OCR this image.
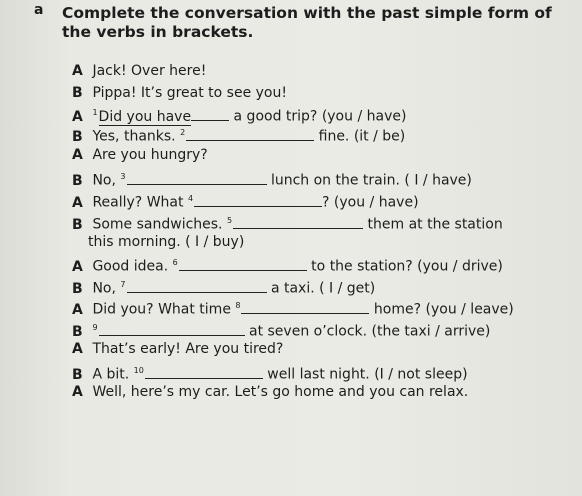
a Complete the conversation with the past simple form of the verbs in brackets.
A Jack! Over here!
B Pippa! It’s great to see you!
A $^1$Did you have	a good trip? (you / have)
B Yes, thanks. $^2$	fine. (it / be)
A Are you hungry?
B No, $^3$	lunch on the train. ( I / have)
A Really? What $^4$	? (you / have)
B Some sandwiches. $^5$	them at the station
this morning. ( I / buy)
A Good idea. $^6$	to the station? (you / drive)
B No, $^7$	a taxi. ( I / get)
A Did you? What time $^8$	home? (you / leave)
B $^9$	at seven o’clock. (the taxi / arrive)
A That’s early! Are you tired?
B A bit. $^{10}$	well last night. (I / not sleep)
A Well, here’s my car. Let’s go home and you can relax.
